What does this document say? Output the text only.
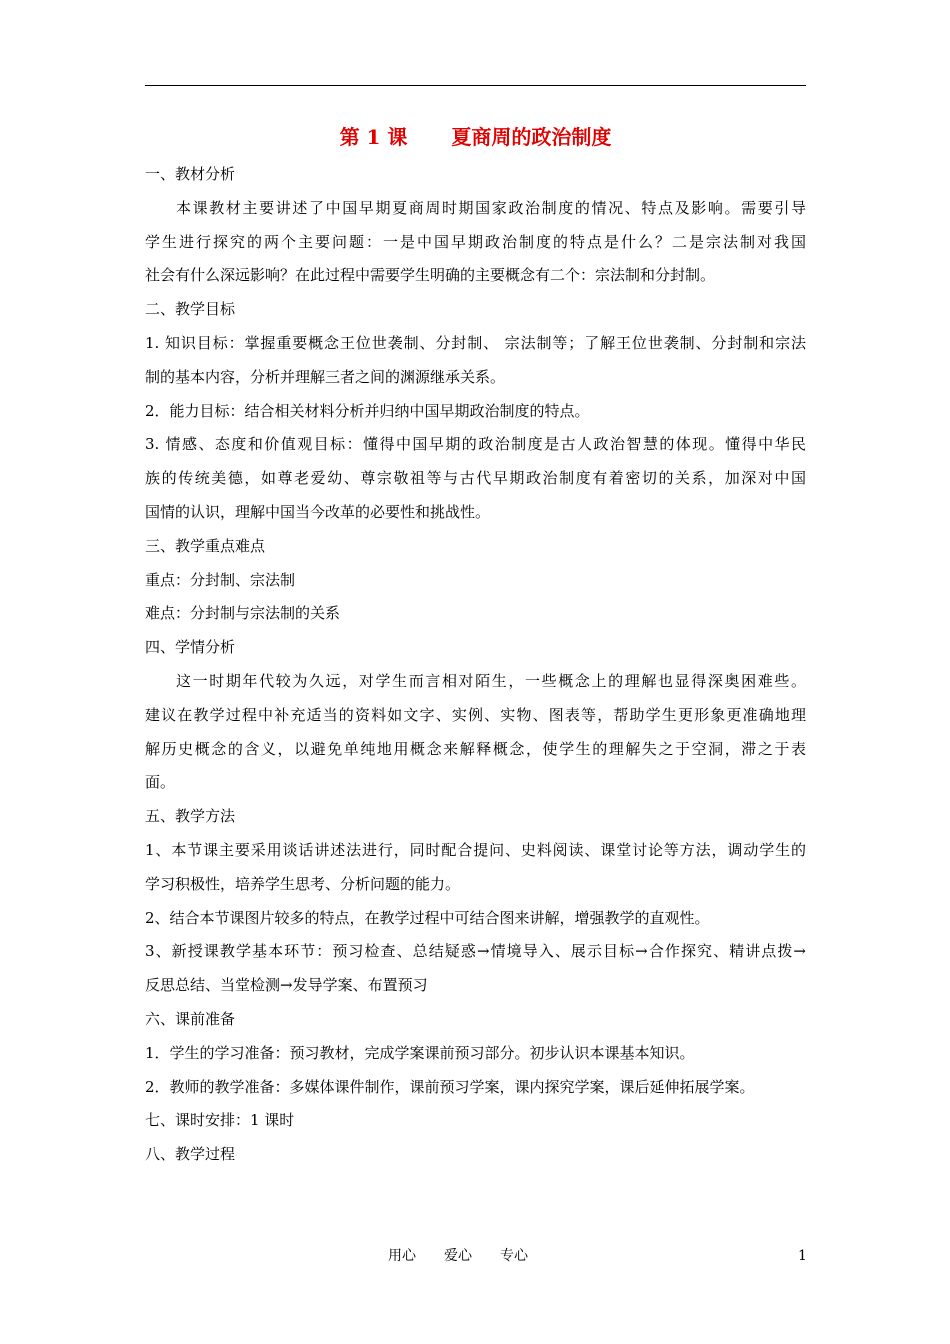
第 1 课 夏商周的政治制度
一、教材分析
本课教材主要讲述了中国早期夏商周时期国家政治制度的情况、特点及影响。需要引导
学生进行探究的两个主要问题：一是中国早期政治制度的特点是什么？二是宗法制对我国
社会有什么深远影响？在此过程中需要学生明确的主要概念有二个：宗法制和分封制。
二、教学目标
1. 知识目标：掌握重要概念王位世袭制、分封制、 宗法制等；了解王位世袭制、分封制和宗法
制的基本内容，分析并理解三者之间的渊源继承关系。
2．能力目标：结合相关材料分析并归纳中国早期政治制度的特点。
3. 情感、态度和价值观目标：懂得中国早期的政治制度是古人政治智慧的体现。懂得中华民
族的传统美德，如尊老爱幼、尊宗敬祖等与古代早期政治制度有着密切的关系，加深对中国
国情的认识，理解中国当今改革的必要性和挑战性。
三、教学重点难点
重点：分封制、宗法制
难点：分封制与宗法制的关系
四、学情分析
这一时期年代较为久远，对学生而言相对陌生，一些概念上的理解也显得深奥困难些。
建议在教学过程中补充适当的资料如文字、实例、实物、图表等，帮助学生更形象更准确地理
解历史概念的含义，以避免单纯地用概念来解释概念，使学生的理解失之于空洞，滞之于表
面。
五、教学方法
1、本节课主要采用谈话讲述法进行，同时配合提问、史料阅读、课堂讨论等方法，调动学生的
学习积极性，培养学生思考、分析问题的能力。
2、结合本节课图片较多的特点，在教学过程中可结合图来讲解，增强教学的直观性。
3、新授课教学基本环节：预习检查、总结疑惑→情境导入、展示目标→合作探究、精讲点拨→
反思总结、当堂检测→发导学案、布置预习
六、课前准备
1．学生的学习准备：预习教材，完成学案课前预习部分。初步认识本课基本知识。
2．教师的教学准备：多媒体课件制作，课前预习学案，课内探究学案，课后延伸拓展学案。
七、课时安排：1 课时
八、教学过程
用心 爱心 专心	1
